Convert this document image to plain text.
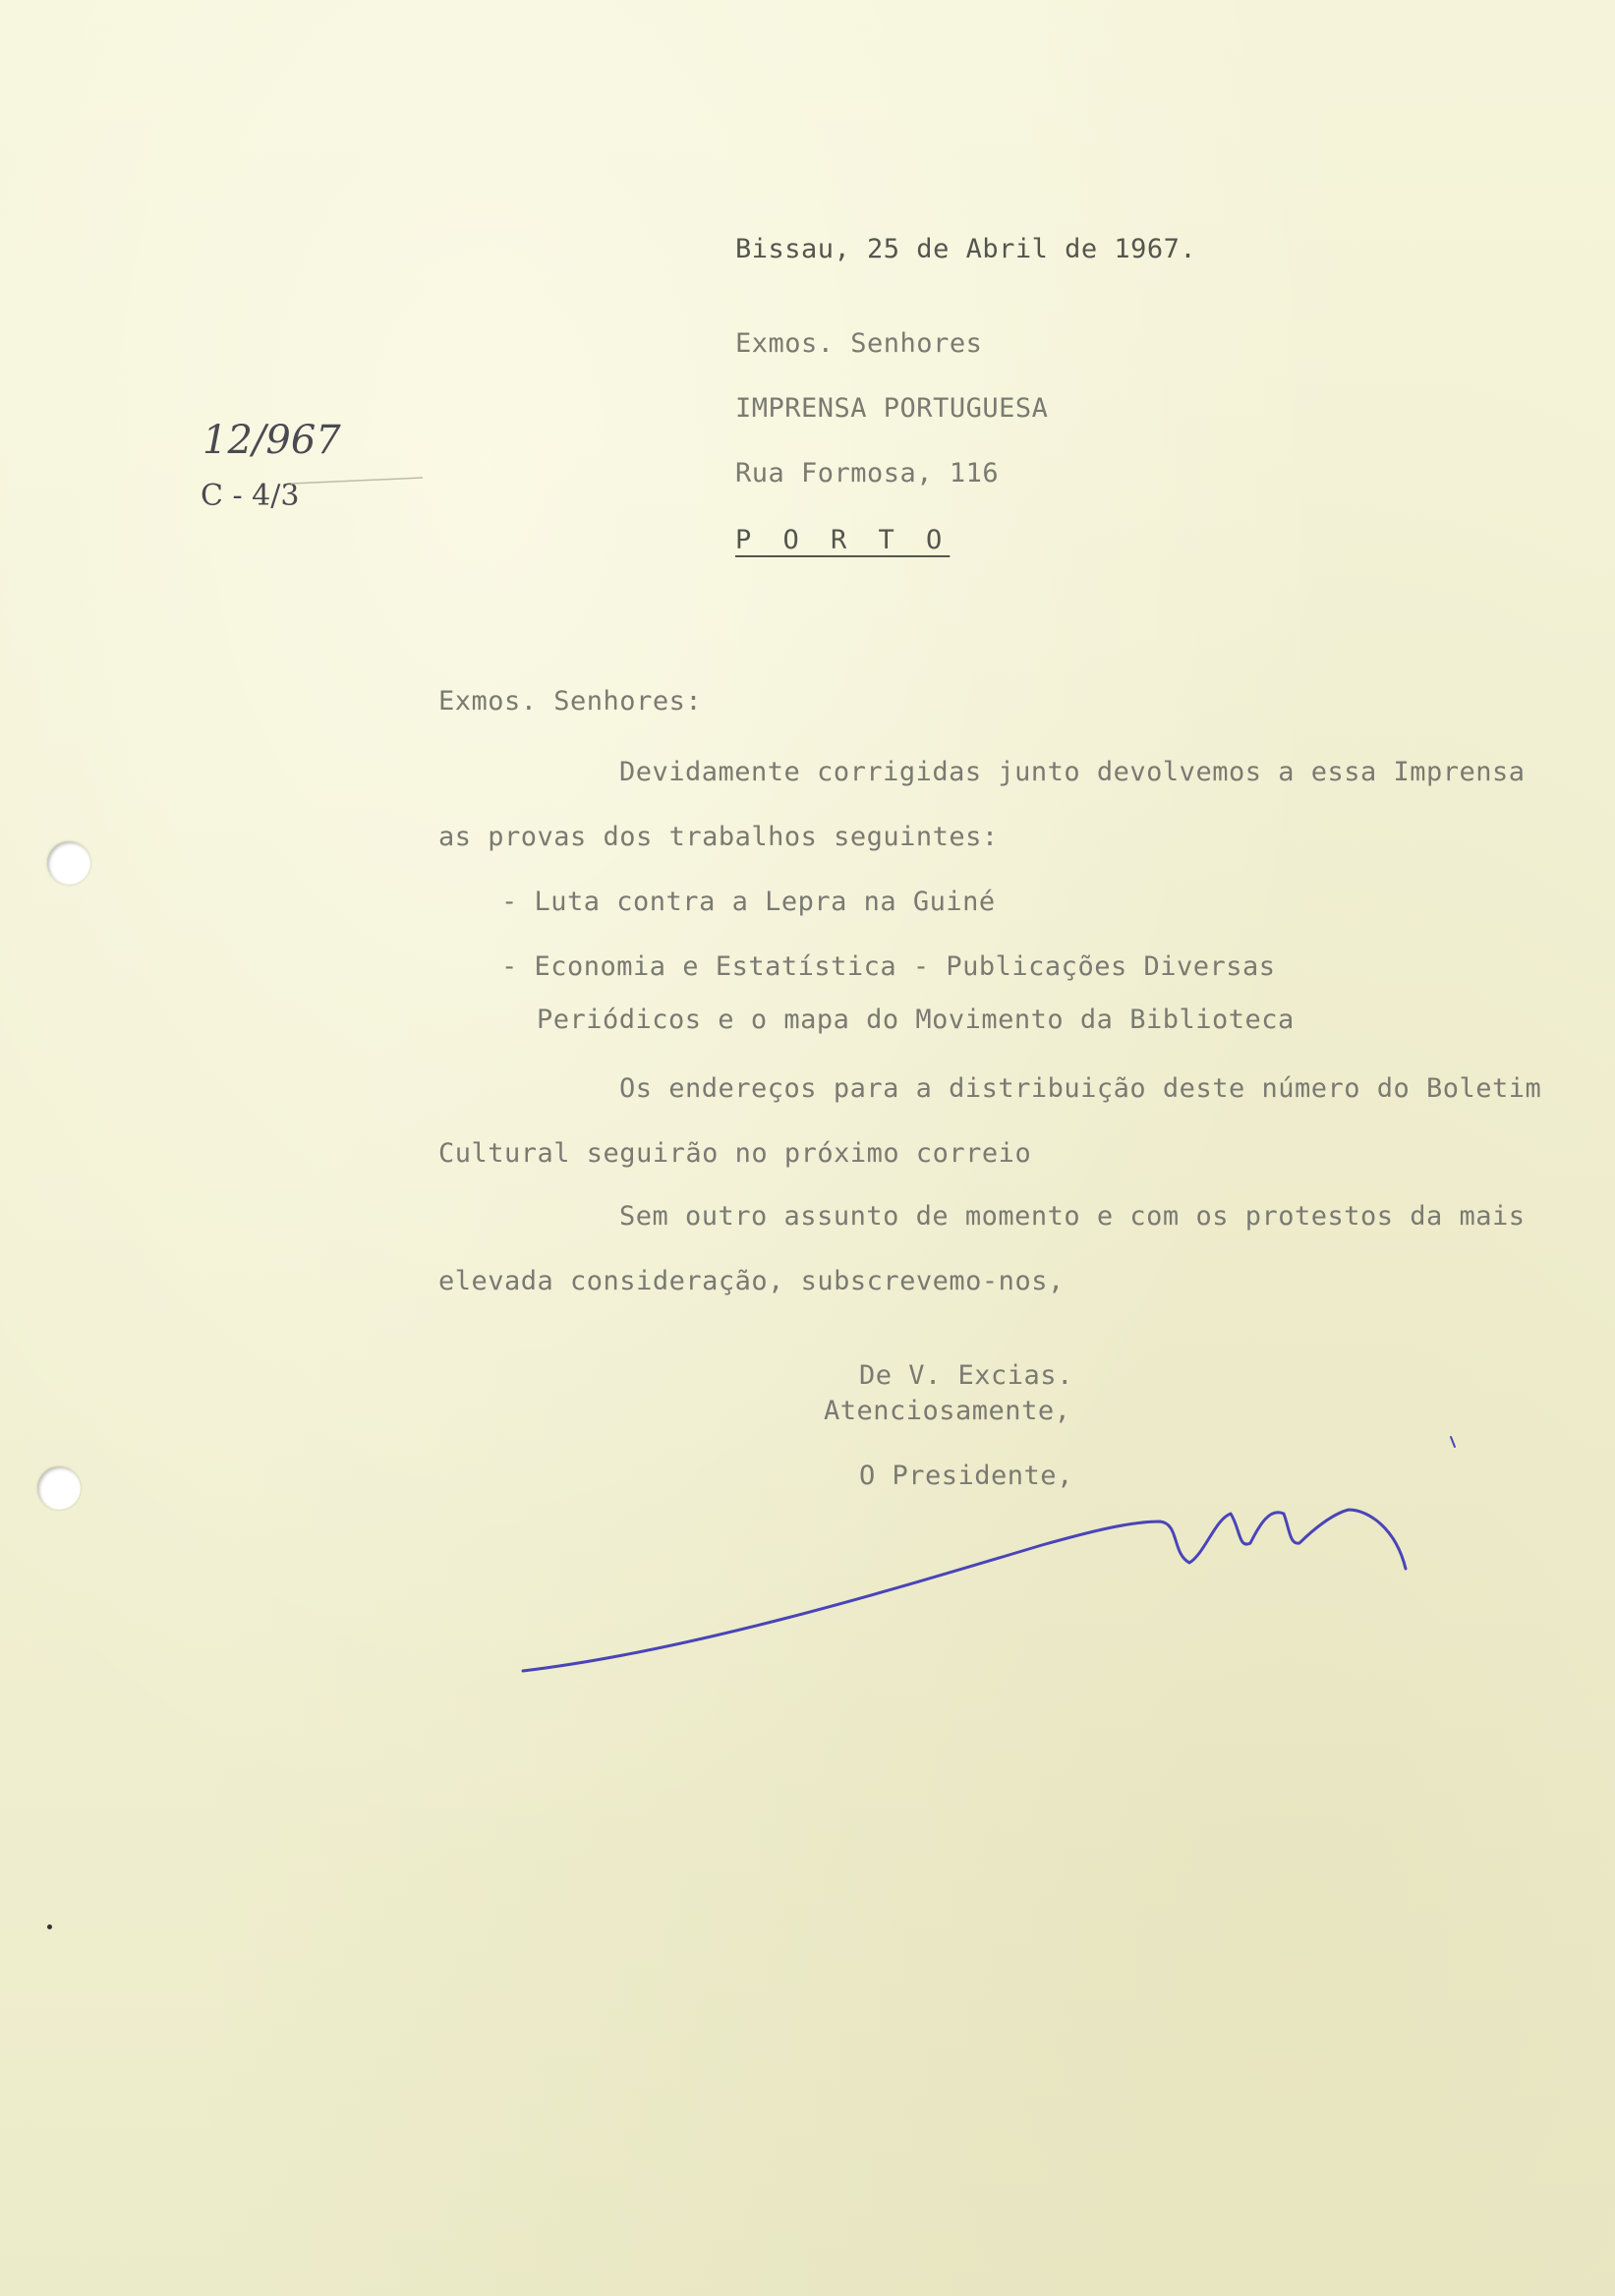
Bissau, 25 de Abril de 1967.
Exmos. Senhores
IMPRENSA PORTUGUESA
Rua Formosa, 116
P O R T O
12/967
C - 4/3
Exmos. Senhores:
Devidamente corrigidas junto devolvemos a essa Imprensa
as provas dos trabalhos seguintes:
- Luta contra a Lepra na Guiné
- Economia e Estatística - Publicações Diversas
Periódicos e o mapa do Movimento da Biblioteca
Os endereços para a distribuição deste número do Boletim
Cultural seguirão no próximo correio
Sem outro assunto de momento e com os protestos da mais
elevada consideração, subscrevemo-nos,
De V. Excias.
Atenciosamente,
O Presidente,
